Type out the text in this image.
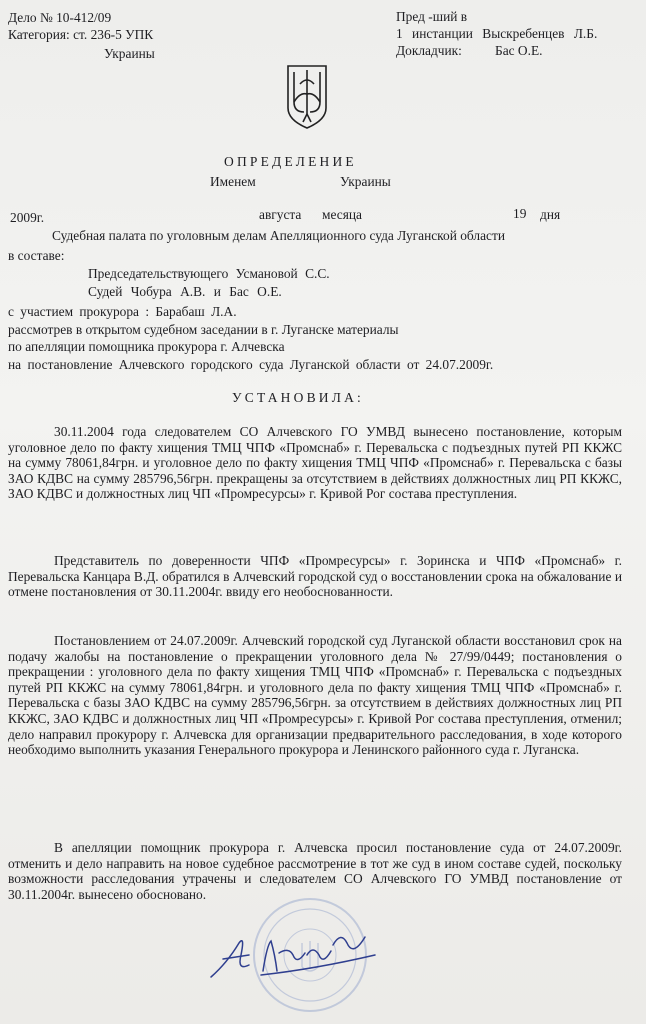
Дело № 10-412/09
Категория: ст. 236-5 УПК
Украины
Пред -ший в
1 инстанции Выскребенцев Л.Б.
Докладчик: Бас О.Е.
ОПРЕДЕЛЕНИЕ
Именем	Украины
2009г.	августа месяца	19 дня
Судебная палата по уголовным делам Апелляционного суда Луганской области
в составе:
Председательствующего Усмановой С.С.
Судей Чобура А.В. и Бас О.Е.
с участием прокурора : Барабаш Л.А.
рассмотрев в открытом судебном заседании в г. Луганске материалы
по апелляции помощника прокурора г. Алчевска
на постановление Алчевского городского суда Луганской области от 24.07.2009г.
УСТАНОВИЛА:

30.11.2004 года следователем СО Алчевского ГО УМВД вынесено постановление, которым уголовное дело по факту хищения ТМЦ ЧПФ «Промснаб» г. Перевальска с подъездных путей РП ККЖС на сумму 78061,84грн. и уголовное дело по факту хищения ТМЦ ЧПФ «Промснаб» г. Перевальска с базы ЗАО КДВС на сумму 285796,56грн. прекращены за отсутствием в действиях должностных лиц РП ККЖС, ЗАО КДВС и должностных лиц ЧП «Промресурсы» г. Кривой Рог состава преступления.

Представитель по доверенности ЧПФ «Промресурсы» г. Зоринска и ЧПФ «Промснаб» г. Перевальска Канцара В.Д. обратился в Алчевский городской суд о восстановлении срока на обжалование и отмене постановления от 30.11.2004г. ввиду его необоснованности.

Постановлением от 24.07.2009г. Алчевский городской суд Луганской области восстановил срок на подачу жалобы на постановление о прекращении уголовного дела № 27/99/0449; постановления о прекращении : уголовного дела по факту хищения ТМЦ ЧПФ «Промснаб» г. Перевальска с подъездных путей РП ККЖС на сумму 78061,84грн. и уголовного дела по факту хищения ТМЦ ЧПФ «Промснаб» г. Перевальска с базы ЗАО КДВС на сумму 285796,56грн. за отсутствием в действиях должностных лиц РП ККЖС, ЗАО КДВС и должностных лиц ЧП «Промресурсы» г. Кривой Рог состава преступления, отменил; дело направил прокурору г. Алчевска для организации предварительного расследования, в ходе которого необходимо выполнить указания Генерального прокурора и Ленинского районного суда г. Луганска.

В апелляции помощник прокурора г. Алчевска просил постановление суда от 24.07.2009г. отменить и дело направить на новое судебное рассмотрение в тот же суд в ином составе судей, поскольку возможности расследования утрачены и следователем СО Алчевского ГО УМВД постановление от 30.11.2004г. вынесено обосновано.
